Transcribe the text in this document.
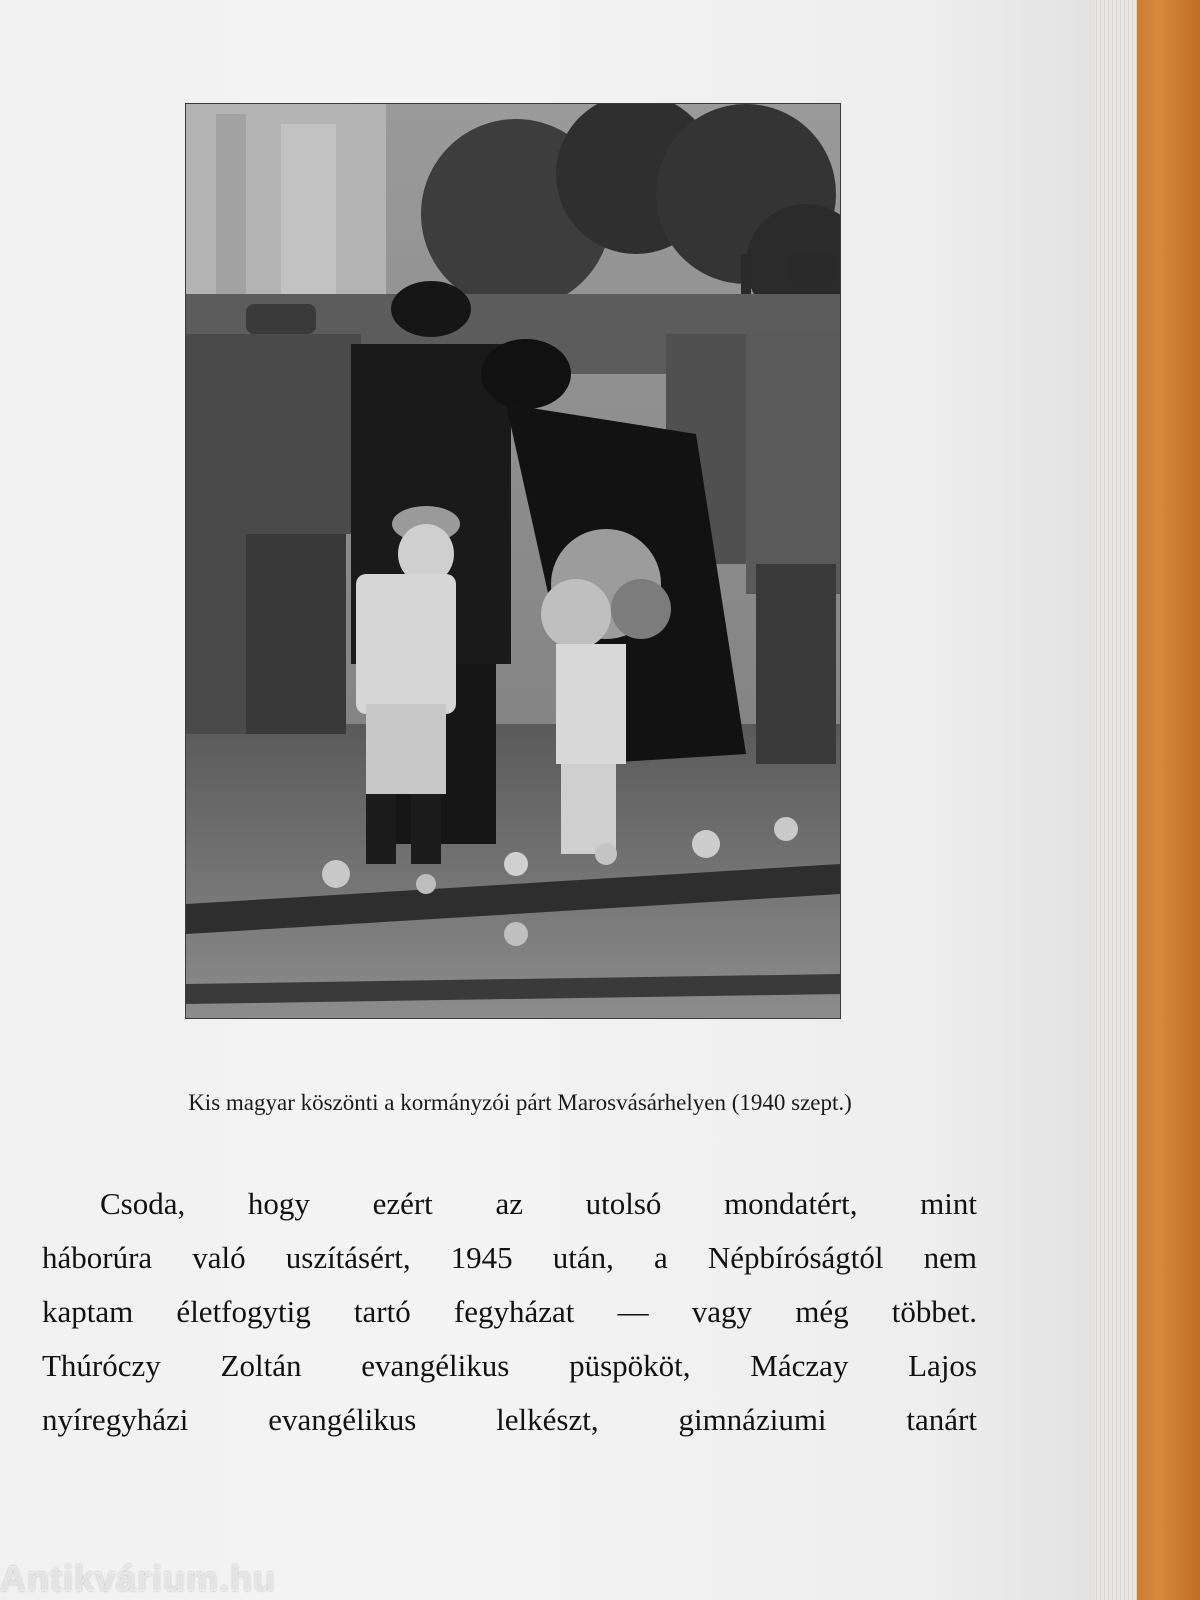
Kis magyar köszönti a kormányzói párt Marosvásárhelyen (1940 szept.)
Csoda, hogy ezért az utolsó mondatért, mint
háborúra való uszításért, 1945 után, a Népbíróságtól nem
kaptam életfogytig tartó fegyházat — vagy még többet.
Thúróczy Zoltán evangélikus püspököt, Máczay Lajos
nyíregyházi evangélikus lelkészt, gimnáziumi tanárt
Antikvárium.hu
